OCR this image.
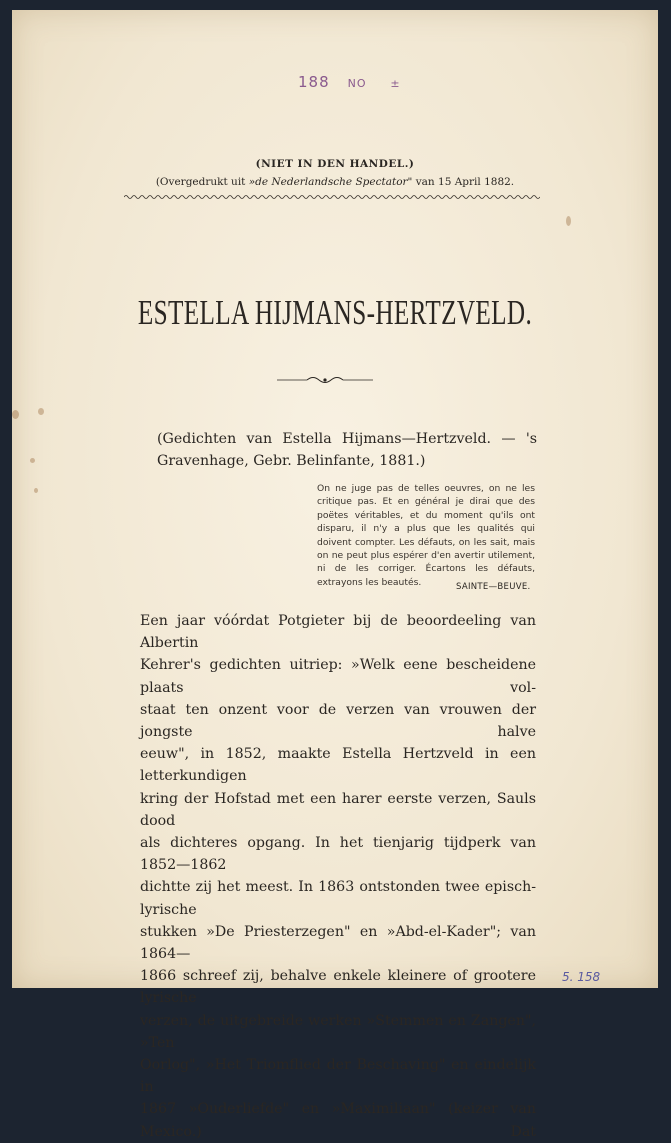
188 NO ±
(NIET IN DEN HANDEL.)
(Overgedrukt uit »de Nederlandsche Spectator" van 15 April 1882.
ESTELLA HIJMANS-HERTZVELD.
(Gedichten van Estella Hijmans—Hertzveld. — 's Gravenhage, Gebr. Belinfante, 1881.)
On ne juge pas de telles oeuvres, on ne les critique pas. Et en général je dirai que des poëtes véritables, et du moment qu'ils ont disparu, il n'y a plus que les qualités qui doivent compter. Les défauts, on les sait, mais on ne peut plus espérer d'en avertir utilement, ni de les corriger. Écartons les défauts, extrayons les beautés.	SAINTE—BEUVE.

Een jaar vóórdat Potgieter bij de beoordeeling van Albertin

Kehrer's gedichten uitriep: »Welk eene bescheidene plaats vol-

staat ten onzent voor de verzen van vrouwen der jongste halve

eeuw", in 1852, maakte Estella Hertzveld in een letterkundigen

kring der Hofstad met een harer eerste verzen, Sauls dood

als dichteres opgang. In het tienjarig tijdperk van 1852—1862

dichtte zij het meest. In 1863 ontstonden twee episch-lyrische

stukken »De Priesterzegen" en »Abd-el-Kader"; van 1864—

1866 schreef zij, behalve enkele kleinere of grootere lyrische

verzen, de uitgebreide werken »Stemmen en Zangen", »Ten

Oorlog", »Het Triomflied der Beschaving" en eindelijk in

1867 »Ouderliefde" en »Maximiliaan" (keizer van Mexico.) Dat

5. 158
